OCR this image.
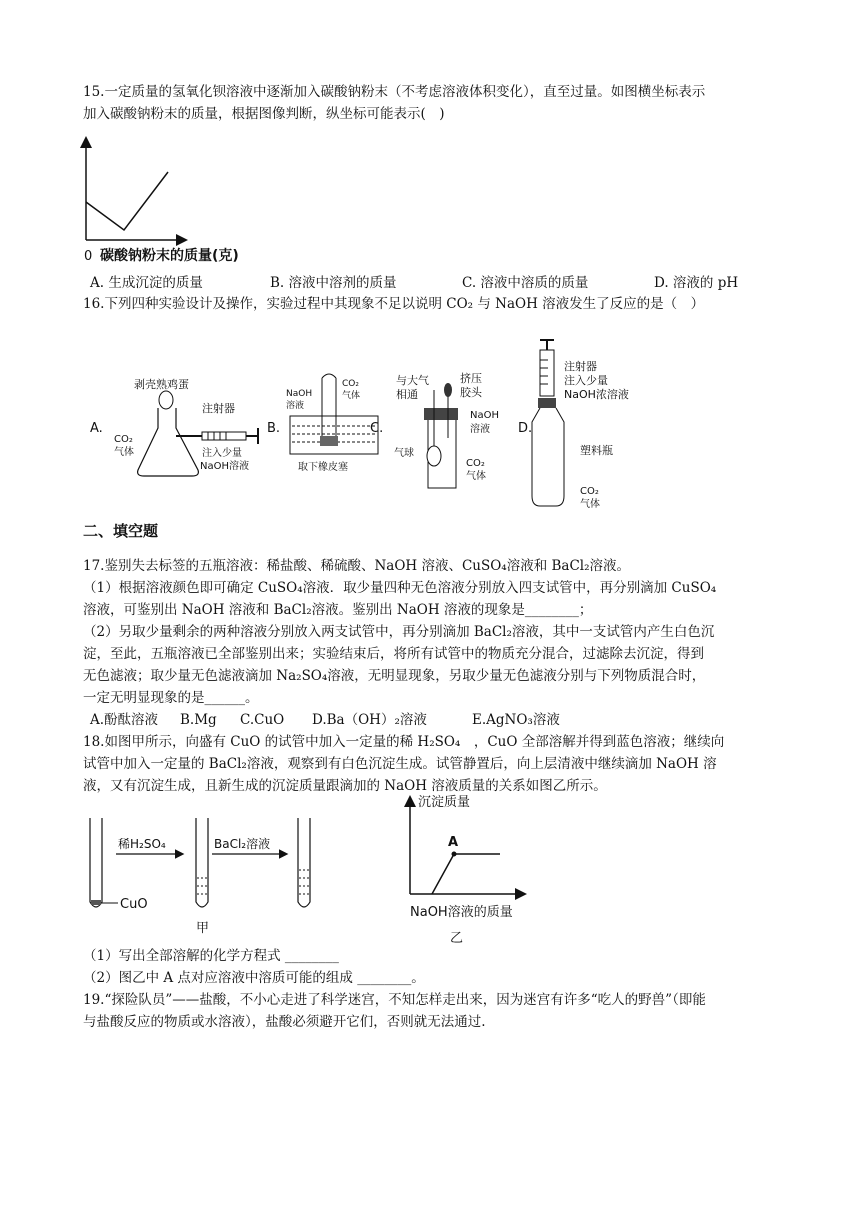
15.一定质量的氢氧化钡溶液中逐渐加入碳酸钠粉末（不考虑溶液体积变化），直至过量。如图横坐标表示
加入碳酸钠粉末的质量，根据图像判断，纵坐标可能表示(　)
0 碳酸钠粉末的质量(克)
A. 生成沉淀的质量	B. 溶液中溶剂的质量	C. 溶液中溶质的质量	D. 溶液的 pH
16.下列四种实验设计及操作，实验过程中其现象不足以说明 CO₂ 与 NaOH 溶液发生了反应的是（　）
A.
剥壳熟鸡蛋
注射器
CO₂
气体	注入少量
NaOH溶液
B.
NaOH
溶液
CO₂
气体
取下橡皮塞
C.
与大气
相通
挤压
胶头
NaOH
溶液
气球
CO₂
气体
D.
注射器
注入少量
NaOH浓溶液
塑料瓶
CO₂
气体
二、填空题
17.鉴别失去标签的五瓶溶液：稀盐酸、稀硫酸、NaOH 溶液、CuSO₄溶液和 BaCl₂溶液。
（1）根据溶液颜色即可确定 CuSO₄溶液．取少量四种无色溶液分别放入四支试管中，再分别滴加 CuSO₄
溶液，可鉴别出 NaOH 溶液和 BaCl₂溶液。鉴别出 NaOH 溶液的现象是________；
（2）另取少量剩余的两种溶液分别放入两支试管中，再分别滴加 BaCl₂溶液，其中一支试管内产生白色沉
淀，至此，五瓶溶液已全部鉴别出来；实验结束后，将所有试管中的物质充分混合，过滤除去沉淀，得到
无色滤液；取少量无色滤液滴加 Na₂SO₄溶液，无明显现象，另取少量无色滤液分别与下列物质混合时，
一定无明显现象的是______。
A.酚酞溶液 B.Mg C.CuO D.Ba（OH）₂溶液	E.AgNO₃溶液
18.如图甲所示，向盛有 CuO 的试管中加入一定量的稀 H₂SO₄　，CuO 全部溶解并得到蓝色溶液；继续向
试管中加入一定量的 BaCl₂溶液，观察到有白色沉淀生成。试管静置后，向上层清液中继续滴加 NaOH 溶
液，又有沉淀生成，且新生成的沉淀质量跟滴加的 NaOH 溶液质量的关系如图乙所示。
CuO
稀H₂SO₄
甲
BaCl₂溶液
沉淀质量
A
NaOH溶液的质量
乙
（1）写出全部溶解的化学方程式 ________
（2）图乙中 A 点对应溶液中溶质可能的组成 ________。
19.“探险队员”——盐酸，不小心走进了科学迷宫，不知怎样走出来，因为迷宫有许多“吃人的野兽”（即能
与盐酸反应的物质或水溶液），盐酸必须避开它们，否则就无法通过.
